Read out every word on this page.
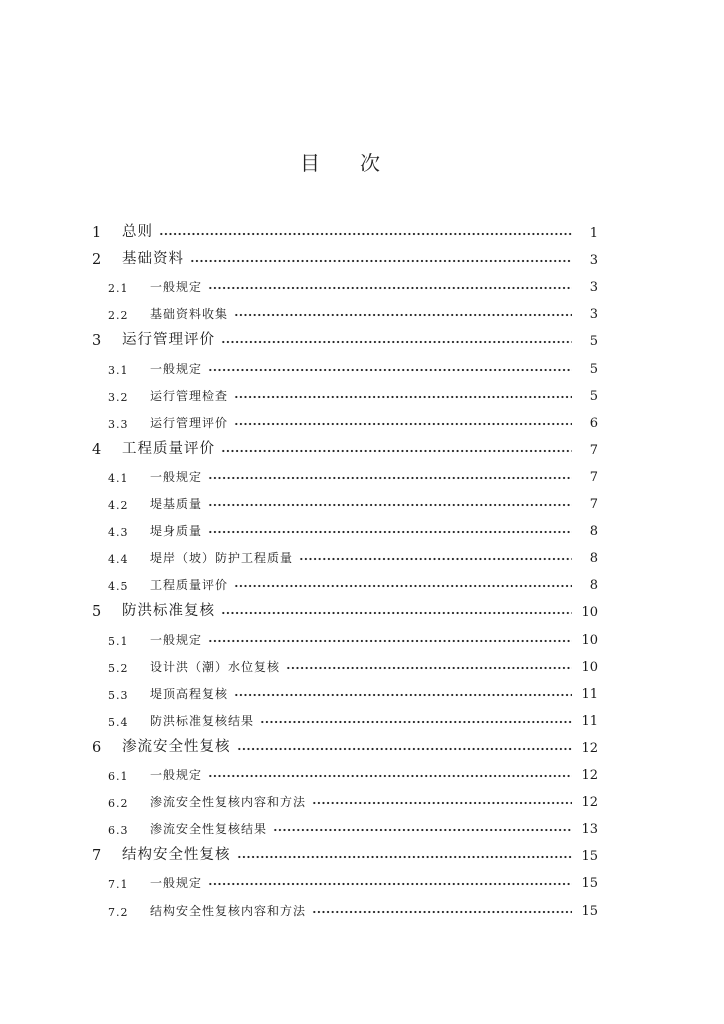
目　　次
1	总则	1
2	基础资料	3
2.1	一般规定	3
2.2	基础资料收集	3
3	运行管理评价	5
3.1	一般规定	5
3.2	运行管理检查	5
3.3	运行管理评价	6
4	工程质量评价	7
4.1	一般规定	7
4.2	堤基质量	7
4.3	堤身质量	8
4.4	堤岸（坡）防护工程质量	8
4.5	工程质量评价	8
5	防洪标准复核	10
5.1	一般规定	10
5.2	设计洪（潮）水位复核	10
5.3	堤顶高程复核	11
5.4	防洪标准复核结果	11
6	渗流安全性复核	12
6.1	一般规定	12
6.2	渗流安全性复核内容和方法	12
6.3	渗流安全性复核结果	13
7	结构安全性复核	15
7.1	一般规定	15
7.2	结构安全性复核内容和方法	15
